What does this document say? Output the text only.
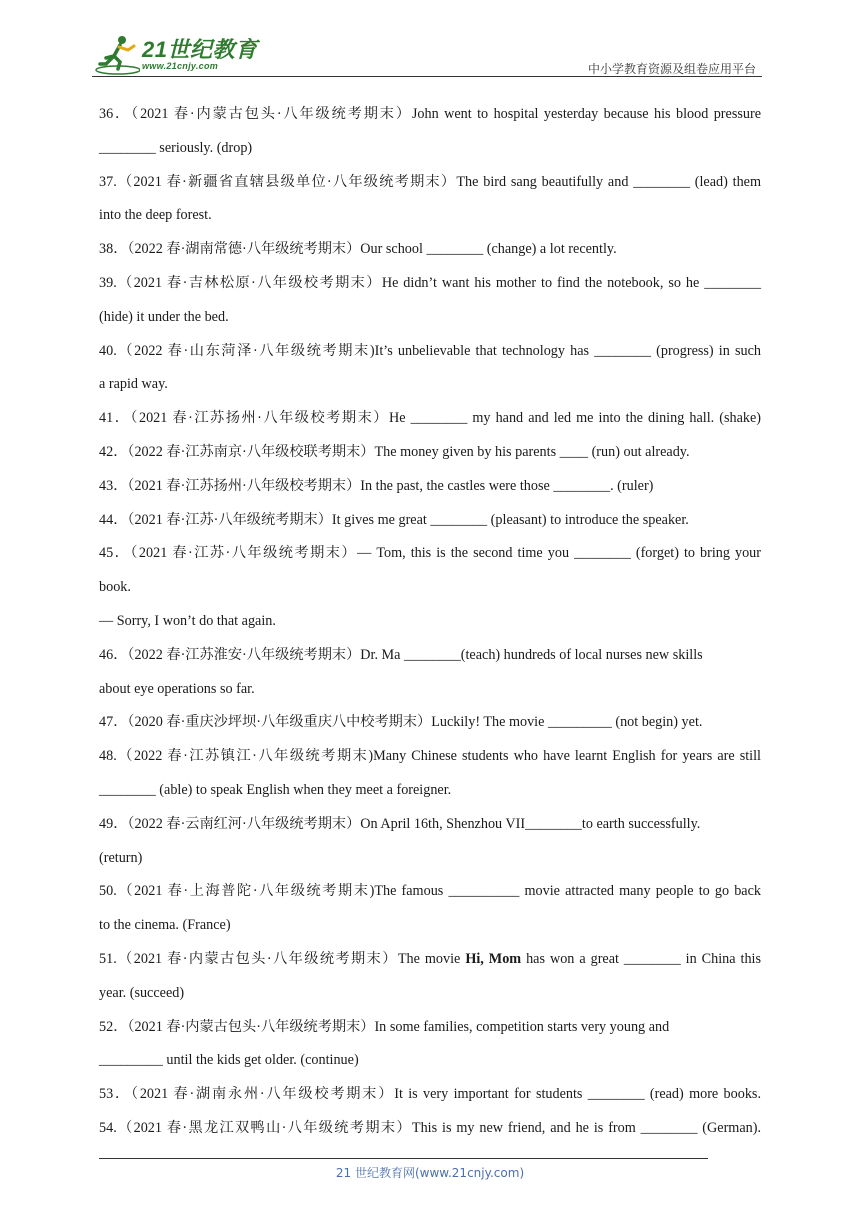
21世纪教育
www.21cnjy.com	中小学教育资源及组卷应用平台
36．（2021 春·内蒙古包头·八年级统考期末）John went to hospital yesterday because his blood pressure
________ seriously. (drop)
37.（2021 春·新疆省直辖县级单位·八年级统考期末）The bird sang beautifully and ________ (lead) them
into the deep forest.
38．（2022 春·湖南常德·八年级统考期末）Our school ________ (change) a lot recently.
39.（2021 春·吉林松原·八年级校考期末）He didn’t want his mother to find the notebook, so he ________
(hide) it under the bed.
40.（2022 春·山东菏泽·八年级统考期末)It’s unbelievable that technology has ________ (progress) in such
a rapid way.
41．（2021 春·江苏扬州·八年级校考期末）He ________ my hand and led me into the dining hall. (shake)
42．（2022 春·江苏南京·八年级校联考期末）The money given by his parents ____ (run) out already.
43．（2021 春·江苏扬州·八年级校考期末）In the past, the castles were those ________. (ruler)
44．（2021 春·江苏·八年级统考期末）It gives me great ________ (pleasant) to introduce the speaker.
45．（2021 春·江苏·八年级统考期末）— Tom, this is the second time you ________ (forget) to bring your
book.
— Sorry, I won’t do that again.
46．（2022 春·江苏淮安·八年级统考期末）Dr. Ma ________(teach) hundreds of local nurses new skills
about eye operations so far.
47．（2020 春·重庆沙坪坝·八年级重庆八中校考期末）Luckily! The movie _________ (not begin) yet.
48.（2022 春·江苏镇江·八年级统考期末)Many Chinese students who have learnt English for years are still
________ (able) to speak English when they meet a foreigner.
49．（2022 春·云南红河·八年级统考期末）On April 16th, Shenzhou VII________to earth successfully.
(return)
50.（2021 春·上海普陀·八年级统考期末)The famous __________ movie attracted many people to go back
to the cinema. (France)
51.（2021 春·内蒙古包头·八年级统考期末）The movie Hi, Mom has won a great ________ in China this
year. (succeed)
52．（2021 春·内蒙古包头·八年级统考期末）In some families, competition starts very young and
_________ until the kids get older. (continue)
53．（2021 春·湖南永州·八年级校考期末）It is very important for students ________ (read) more books.
54.（2021 春·黑龙江双鸭山·八年级统考期末）This is my new friend, and he is from ________ (German).
21 世纪教育网(www.21cnjy.com)
